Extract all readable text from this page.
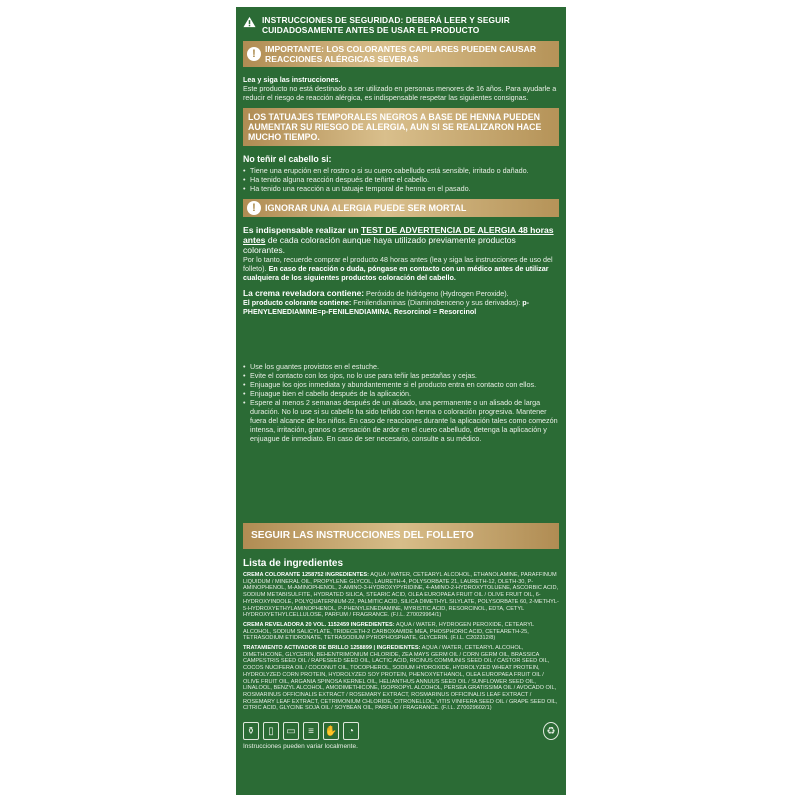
INSTRUCCIONES DE SEGURIDAD: DEBERÁ LEER Y SEGUIR CUIDADOSAMENTE ANTES DE USAR EL PRODUCTO
!	IMPORTANTE: LOS COLORANTES CAPILARES PUEDEN CAUSAR REACCIONES ALÉRGICAS SEVERAS
Lea y siga las instrucciones.
Este producto no está destinado a ser utilizado en personas menores de 16 años. Para ayudarle a reducir el riesgo de reacción alérgica, es indispensable respetar las siguientes consignas.
LOS TATUAJES TEMPORALES NEGROS A BASE DE HENNA PUEDEN AUMENTAR SU RIESGO DE ALERGIA, AUN SI SE REALIZARON HACE MUCHO TIEMPO.
No teñir el cabello si:
• Tiene una erupción en el rostro o si su cuero cabelludo está sensible, irritado o dañado.
• Ha tenido alguna reacción después de teñirte el cabello.
• Ha tenido una reacción a un tatuaje temporal de henna en el pasado.
!	IGNORAR UNA ALERGIA PUEDE SER MORTAL
Es indispensable realizar un TEST DE ADVERTENCIA DE ALERGIA 48 horas antes de cada coloración aunque haya utilizado previamente productos colorantes.
Por lo tanto, recuerde comprar el producto 48 horas antes (lea y siga las instrucciones de uso del folleto). En caso de reacción o duda, póngase en contacto con un médico antes de utilizar cualquiera de los siguientes productos coloración del cabello.
La crema reveladora contiene: Peróxido de hidrógeno (Hydrogen Peroxide).
El producto colorante contiene: Fenilendiaminas (Diaminobenceno y sus derivados): p-PHENYLENEDIAMINE=p-FENILENDIAMINA. Resorcinol = Resorcinol
• Use los guantes provistos en el estuche.
• Evite el contacto con los ojos, no lo use para teñir las pestañas y cejas.
• Enjuague los ojos inmediata y abundantemente si el producto entra en contacto con ellos.
• Enjuague bien el cabello después de la aplicación.
• Espere al menos 2 semanas después de un alisado, una permanente o un alisado de larga duración. No lo use si su cabello ha sido teñido con henna o coloración progresiva. Mantener fuera del alcance de los niños. En caso de reacciones durante la aplicación tales como comezón intensa, irritación, granos o sensación de ardor en el cuero cabelludo, detenga la aplicación y enjuague de inmediato. En caso de ser necesario, consulte a su médico.
SEGUIR LAS INSTRUCCIONES DEL FOLLETO
Lista de ingredientes
CREMA COLORANTE 1258752 INGREDIENTES: AQUA / WATER, CETEARYL ALCOHOL, ETHANOLAMINE, PARAFFINUM LIQUIDUM / MINERAL OIL, PROPYLENE GLYCOL, LAURETH-4, POLYSORBATE 21, LAURETH-12, OLETH-30, P-AMINOPHENOL, M-AMINOPHENOL, 2-AMINO-3-HYDROXYPYRIDINE, 4-AMINO-2-HYDROXYTOLUENE, ASCORBIC ACID, SODIUM METABISULFITE, HYDRATED SILICA, STEARIC ACID, OLEA EUROPAEA FRUIT OIL / OLIVE FRUIT OIL, 6-HYDROXYINDOLE, POLYQUATERNIUM-22, PALMITIC ACID, SILICA DIMETHYL SILYLATE, POLYSORBATE 60, 2-METHYL-5-HYDROXYETHYLAMINOPHENOL, P-PHENYLENEDIAMINE, MYRISTIC ACID, RESORCINOL, EDTA, CETYL HYDROXYETHYLCELLULOSE, PARFUM / FRAGRANCE. (F.I.L. Z70029964/1)
CREMA REVELADORA 20 VOL. 1152459 INGREDIENTES: AQUA / WATER, HYDROGEN PEROXIDE, CETEARYL ALCOHOL, SODIUM SALICYLATE, TRIDECETH-2 CARBOXAMIDE MEA, PHOSPHORIC ACID, CETEARETH-25, TETRASODIUM ETIDRONATE, TETRASODIUM PYROPHOSPHATE, GLYCERIN. (F.I.L. C202312/8)
TRATAMIENTO ACTIVADOR DE BRILLO 1258899 | INGREDIENTES: AQUA / WATER, CETEARYL ALCOHOL, DIMETHICONE, GLYCERIN, BEHENTRIMONIUM CHLORIDE, ZEA MAYS GERM OIL / CORN GERM OIL, BRASSICA CAMPESTRIS SEED OIL / RAPESEED SEED OIL, LACTIC ACID, RICINUS COMMUNIS SEED OIL / CASTOR SEED OIL, COCOS NUCIFERA OIL / COCONUT OIL, TOCOPHEROL, SODIUM HYDROXIDE, HYDROLYZED WHEAT PROTEIN, HYDROLYZED CORN PROTEIN, HYDROLYZED SOY PROTEIN, PHENOXYETHANOL, OLEA EUROPAEA FRUIT OIL / OLIVE FRUIT OIL, ARGANIA SPINOSA KERNEL OIL, HELIANTHUS ANNUUS SEED OIL / SUNFLOWER SEED OIL, LINALOOL, BENZYL ALCOHOL, AMODIMETHICONE, ISOPROPYL ALCOHOL, PERSEA GRATISSIMA OIL / AVOCADO OIL, ROSMARINUS OFFICINALIS EXTRACT / ROSEMARY EXTRACT, ROSMARINUS OFFICINALIS LEAF EXTRACT / ROSEMARY LEAF EXTRACT, CETRIMONIUM CHLORIDE, CITRONELLOL, VITIS VINIFERA SEED OIL / GRAPE SEED OIL, CITRIC ACID, GLYCINE SOJA OIL / SOYBEAN OIL, PARFUM / FRAGRANCE. (F.I.L. Z70029602/1)
⚱	▯	▭	≡	✋	◔	♻
Instrucciones pueden variar localmente.
